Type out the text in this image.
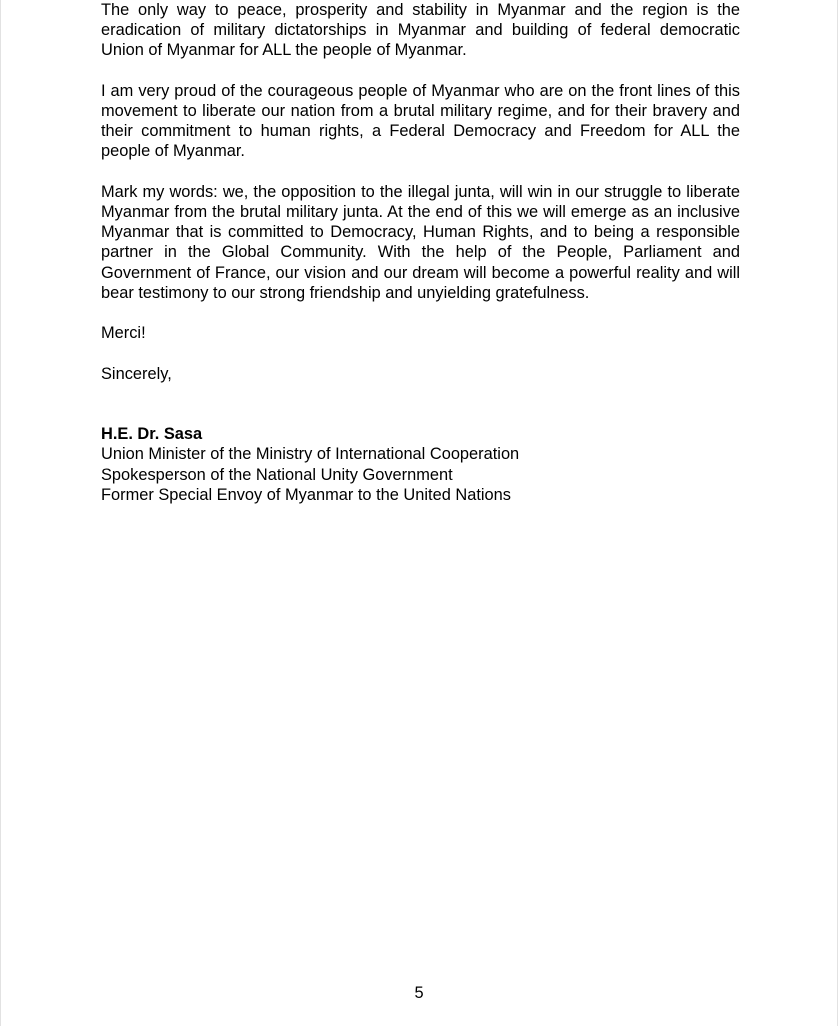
The only way to peace, prosperity and stability in Myanmar and the region is the eradication of military dictatorships in Myanmar and building of federal democratic Union of Myanmar for ALL the people of Myanmar.

I am very proud of the courageous people of Myanmar who are on the front lines of this movement to liberate our nation from a brutal military regime, and for their bravery and their commitment to human rights, a Federal Democracy and Freedom for ALL the people of Myanmar.

Mark my words: we, the opposition to the illegal junta, will win in our struggle to liberate Myanmar from the brutal military junta. At the end of this we will emerge as an inclusive Myanmar that is committed to Democracy, Human Rights, and to being a responsible partner in the Global Community. With the help of the People, Parliament and Government of France, our vision and our dream will become a powerful reality and will bear testimony to our strong friendship and unyielding gratefulness.

Merci!

Sincerely,

H.E. Dr. Sasa

Union Minister of the Ministry of International Cooperation

Spokesperson of the National Unity Government

Former Special Envoy of Myanmar to the United Nations

5
